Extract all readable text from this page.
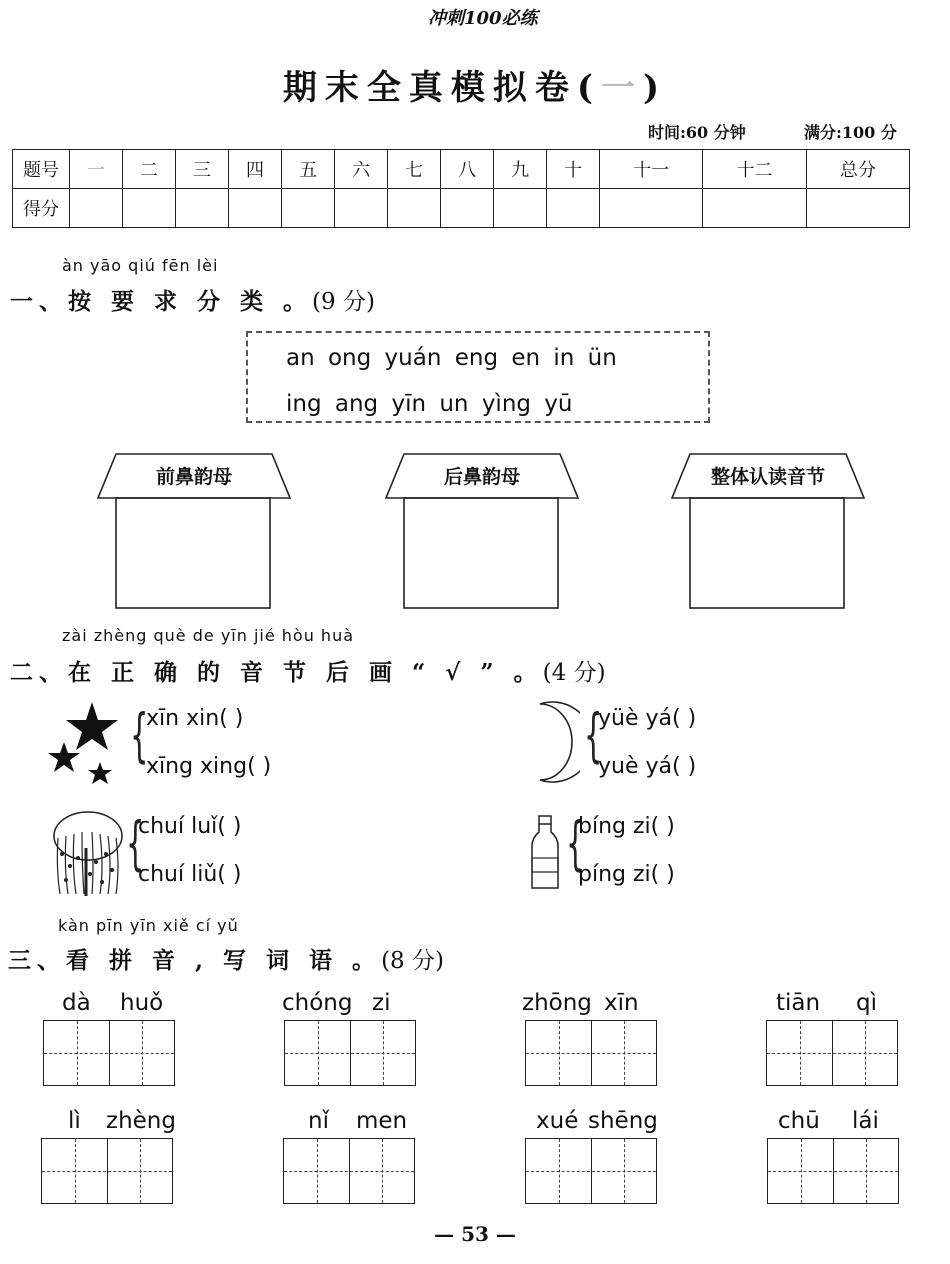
冲刺100必练
期末全真模拟卷(一)
时间:60 分钟	满分:100 分
题号	一	二	三	四	五	六	七	八	九	十	十一	十二	总分
得分													
àn yāo qiú fēn lèi
一、按 要 求 分 类 。(9 分)
an ong yuán eng en in ün
ing ang yīn un yìng yū
前鼻韵母	后鼻韵母	整体认读音节
zài zhèng què de yīn jié hòu huà
二、在 正 确 的 音 节 后 画 “ √ ” 。(4 分)
{
xīn xin( )
xīng xing( )	{
yüè yá( )
yuè yá( )
{
chuí luǐ( )
chuí liǔ( )	{
bíng zi( )
píng zi( )
kàn pīn yīn xiě cí yǔ
三、看 拼 音 , 写 词 语 。(8 分)
dà huǒ	chóng zi	zhōng xīn	tiān qì
lì zhèng	nǐ men	xué shēng	chū lái
— 53 —
